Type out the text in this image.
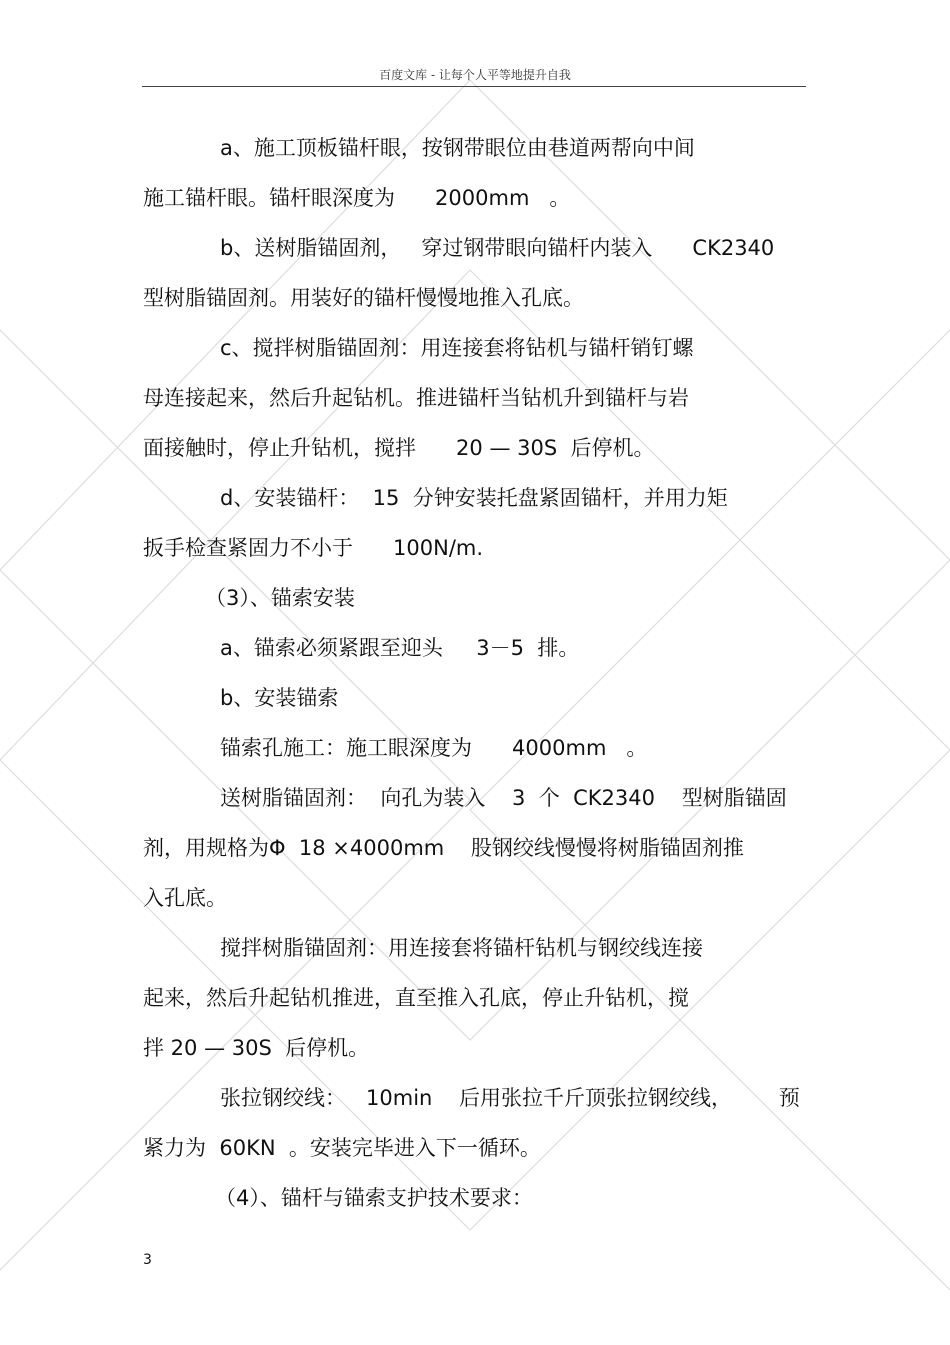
百度文库 - 让每个人平等地提升自我
a、施工顶板锚杆眼，按钢带眼位由巷道两帮向中间
施工锚杆眼。锚杆眼深度为      2000mm   。
b、送树脂锚固剂，   穿过钢带眼向锚杆内装入      CK2340
型树脂锚固剂。用装好的锚杆慢慢地推入孔底。
c、搅拌树脂锚固剂：用连接套将钻机与锚杆销钉螺
母连接起来，然后升起钻机。推进锚杆当钻机升到锚杆与岩
面接触时，停止升钻机，搅拌      20 — 30S  后停机。
d、安装锚杆：  15  分钟安装托盘紧固锚杆，并用力矩
扳手检查紧固力不小于      100N/m.
（3）、锚索安装
a、锚索必须紧跟至迎头     3－5  排。
b、安装锚索
锚索孔施工：施工眼深度为      4000mm   。
送树脂锚固剂：  向孔为装入    3  个  CK2340    型树脂锚固
剂，用规格为Φ  18 ×4000mm    股钢绞线慢慢将树脂锚固剂推
入孔底。
搅拌树脂锚固剂：用连接套将锚杆钻机与钢绞线连接
起来，然后升起钻机推进，直至推入孔底，停止升钻机，搅
拌 20 — 30S  后停机。
张拉钢绞线：   10min    后用张拉千斤顶张拉钢绞线，       预
紧力为  60KN  。安装完毕进入下一循环。
（4）、锚杆与锚索支护技术要求：
3
